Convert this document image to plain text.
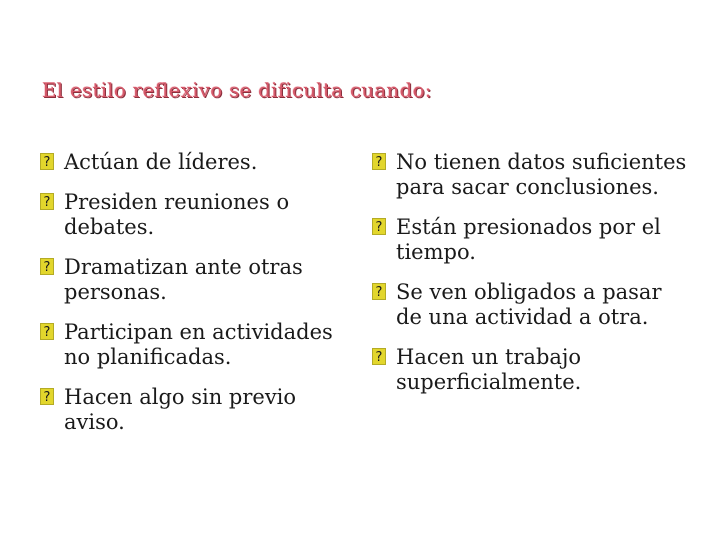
El estilo reflexivo se dificulta cuando:
? Actúan de líderes.
? Presiden reuniones o debates.
? Dramatizan ante otras personas.
? Participan en actividades no planificadas.
? Hacen algo sin previo aviso.
? No tienen datos suficientes para sacar conclusiones.
? Están presionados por el tiempo.
? Se ven obligados a pasar de una actividad a otra.
? Hacen un trabajo superficialmente.
